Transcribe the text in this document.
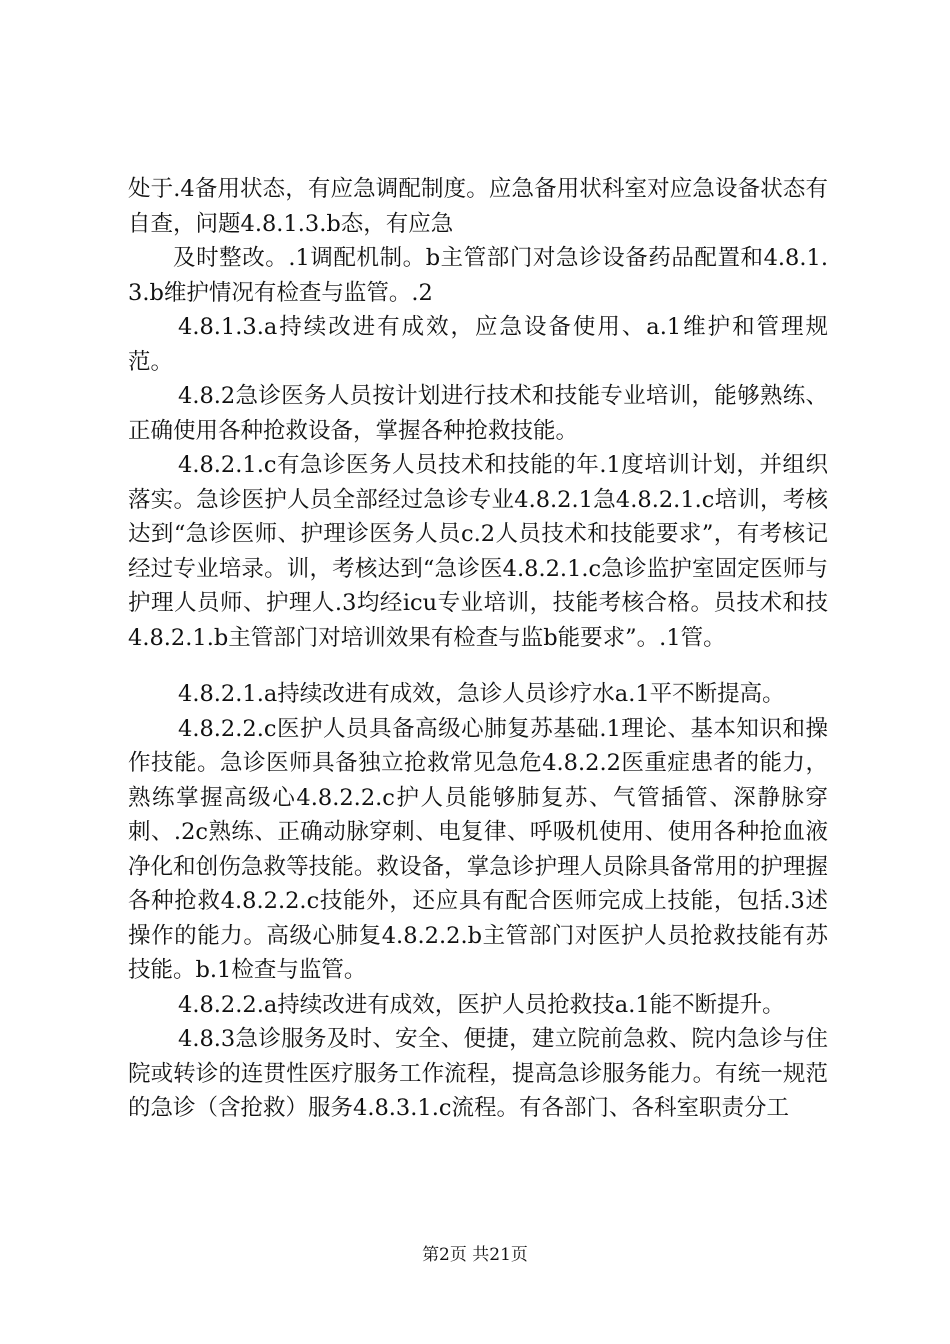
处于.4备用状态，有应急调配制度。应急备用状科室对应急设备状态有自查，问题4.8.1.3.b态，有应急

及时整改。.1调配机制。b主管部门对急诊设备药品配置和4.8.1.3.b维护情况有检查与监管。.2

4.8.1.3.a持续改进有成效，应急设备使用、a.1维护和管理规范。

4.8.2急诊医务人员按计划进行技术和技能专业培训，能够熟练、正确使用各种抢救设备，掌握各种抢救技能。

4.8.2.1.c有急诊医务人员技术和技能的年.1度培训计划，并组织落实。急诊医护人员全部经过急诊专业4.8.2.1急4.8.2.1.c培训，考核达到“急诊医师、护理诊医务人员c.2人员技术和技能要求”，有考核记经过专业培录。训，考核达到“急诊医4.8.2.1.c急诊监护室固定医师与护理人员师、护理人.3均经icu专业培训，技能考核合格。员技术和技4.8.2.1.b主管部门对培训效果有检查与监b能要求”。.1管。

4.8.2.1.a持续改进有成效，急诊人员诊疗水a.1平不断提高。

4.8.2.2.c医护人员具备高级心肺复苏基础.1理论、基本知识和操作技能。急诊医师具备独立抢救常见急危4.8.2.2医重症患者的能力，熟练掌握高级心4.8.2.2.c护人员能够肺复苏、气管插管、深静脉穿刺、.2c熟练、正确动脉穿刺、电复律、呼吸机使用、使用各种抢血液净化和创伤急救等技能。救设备，掌急诊护理人员除具备常用的护理握各种抢救4.8.2.2.c技能外，还应具有配合医师完成上技能，包括.3述操作的能力。高级心肺复4.8.2.2.b主管部门对医护人员抢救技能有苏技能。b.1检查与监管。

4.8.2.2.a持续改进有成效，医护人员抢救技a.1能不断提升。

4.8.3急诊服务及时、安全、便捷，建立院前急救、院内急诊与住院或转诊的连贯性医疗服务工作流程，提高急诊服务能力。有统一规范的急诊（含抢救）服务4.8.3.1.c流程。有各部门、各科室职责分工

第2页 共21页
